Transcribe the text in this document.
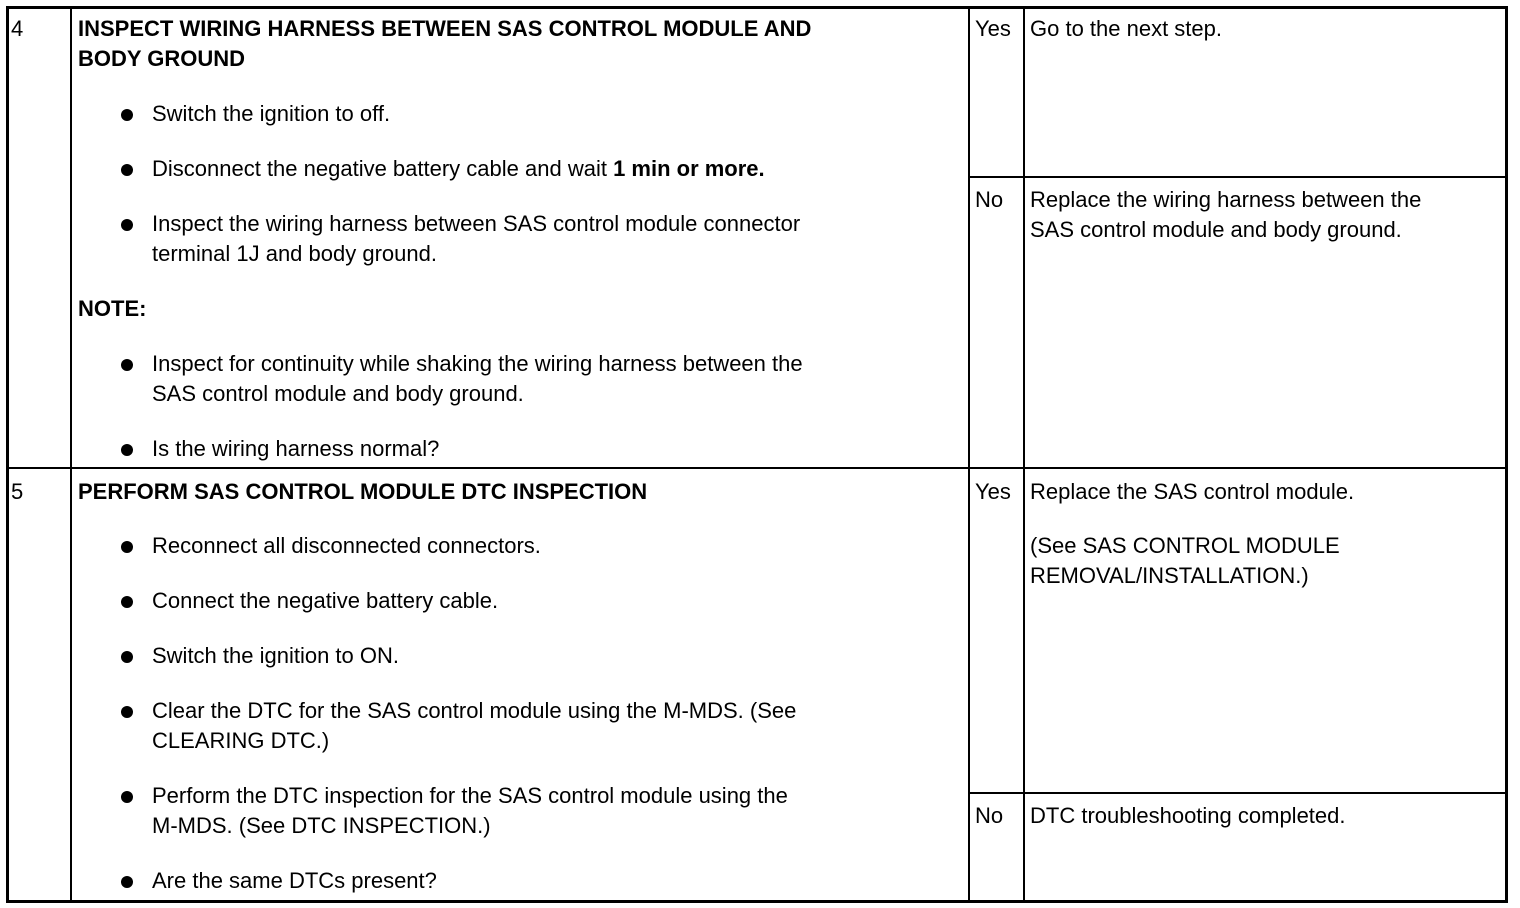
4 INSPECT WIRING HARNESS BETWEEN SAS CONTROL MODULE AND
BODY GROUND
Switch the ignition to off.
Disconnect the negative battery cable and wait 1 min or more.
Inspect the wiring harness between SAS control module connector
terminal 1J and body ground.
NOTE:
Inspect for continuity while shaking the wiring harness between the
SAS control module and body ground.
Is the wiring harness normal?
Yes Go to the next step.
No Replace the wiring harness between the
SAS control module and body ground.
5 PERFORM SAS CONTROL MODULE DTC INSPECTION
Reconnect all disconnected connectors.
Connect the negative battery cable.
Switch the ignition to ON.
Clear the DTC for the SAS control module using the M-MDS. (See
CLEARING DTC.)
Perform the DTC inspection for the SAS control module using the
M-MDS. (See DTC INSPECTION.)
Are the same DTCs present?
Yes Replace the SAS control module.
(See SAS CONTROL MODULE
REMOVAL/INSTALLATION.)
No DTC troubleshooting completed.
